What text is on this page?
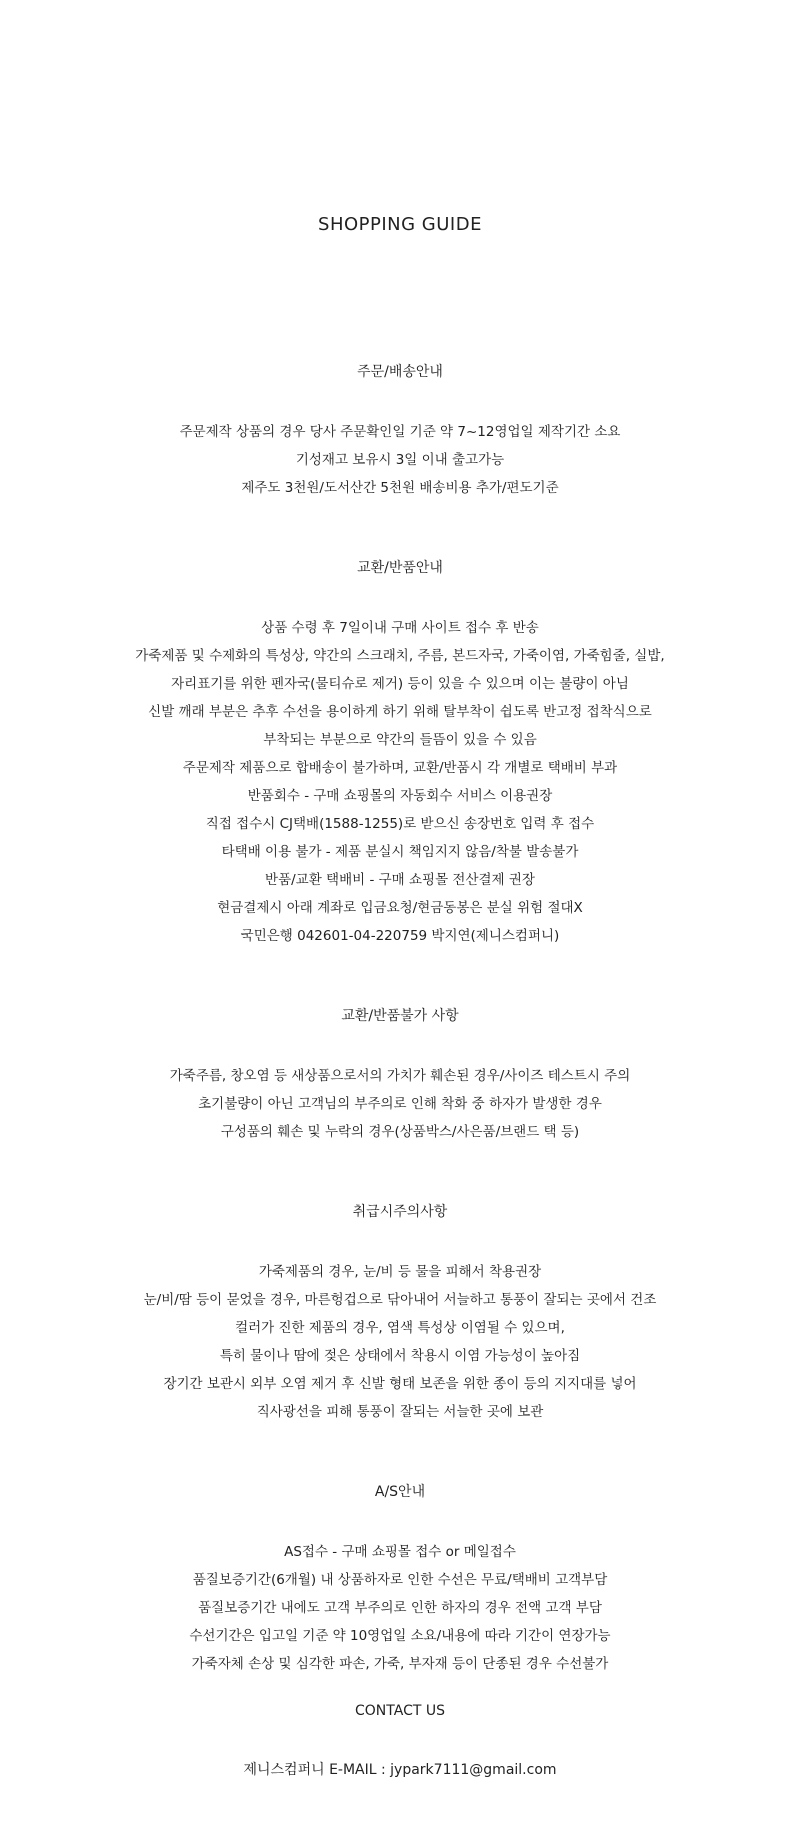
SHOPPING GUIDE
주문/배송안내
주문제작 상품의 경우 당사 주문확인일 기준 약 7~12영업일 제작기간 소요
기성재고 보유시 3일 이내 출고가능
제주도 3천원/도서산간 5천원 배송비용 추가/편도기준
교환/반품안내
상품 수령 후 7일이내 구매 사이트 접수 후 반송
가죽제품 및 수제화의 특성상, 약간의 스크래치, 주름, 본드자국, 가죽이염, 가죽힘줄, 실밥,
자리표기를 위한 펜자국(물티슈로 제거) 등이 있을 수 있으며 이는 불량이 아님
신발 깨래 부분은 추후 수선을 용이하게 하기 위해 탈부착이 쉽도록 반고정 접착식으로
부착되는 부분으로 약간의 들뜸이 있을 수 있음
주문제작 제품으로 합배송이 불가하며, 교환/반품시 각 개별로 택배비 부과
반품회수 - 구매 쇼핑몰의 자동회수 서비스 이용권장
직접 접수시 CJ택배(1588-1255)로 받으신 송장번호 입력 후 접수
타택배 이용 불가 - 제품 분실시 책임지지 않음/착불 발송불가
반품/교환 택배비 - 구매 쇼핑몰 전산결제 권장
현금결제시 아래 계좌로 입금요청/현금동봉은 분실 위험 절대X
국민은행 042601-04-220759 박지연(제니스컴퍼니)
교환/반품불가 사항
가죽주름, 창오염 등 새상품으로서의 가치가 훼손된 경우/사이즈 테스트시 주의
초기불량이 아닌 고객님의 부주의로 인해 착화 중 하자가 발생한 경우
구성품의 훼손 및 누락의 경우(상품박스/사은품/브랜드 택 등)
취급시주의사항
가죽제품의 경우, 눈/비 등 물을 피해서 착용권장
눈/비/땀 등이 묻었을 경우, 마른헝겁으로 닦아내어 서늘하고 통풍이 잘되는 곳에서 건조
컬러가 진한 제품의 경우, 염색 특성상 이염될 수 있으며,
특히 물이나 땀에 젖은 상태에서 착용시 이염 가능성이 높아짐
장기간 보관시 외부 오염 제거 후 신발 형태 보존을 위한 종이 등의 지지대를 넣어
직사광선을 피해 통풍이 잘되는 서늘한 곳에 보관
A/S안내
AS접수 - 구매 쇼핑몰 접수 or 메일접수
품질보증기간(6개월) 내 상품하자로 인한 수선은 무료/택배비 고객부담
품질보증기간 내에도 고객 부주의로 인한 하자의 경우 전액 고객 부담
수선기간은 입고일 기준 약 10영업일 소요/내용에 따라 기간이 연장가능
가죽자체 손상 및 심각한 파손, 가죽, 부자재 등이 단종된 경우 수선불가
CONTACT US
제니스컴퍼니 E-MAIL : jypark7111@gmail.com
